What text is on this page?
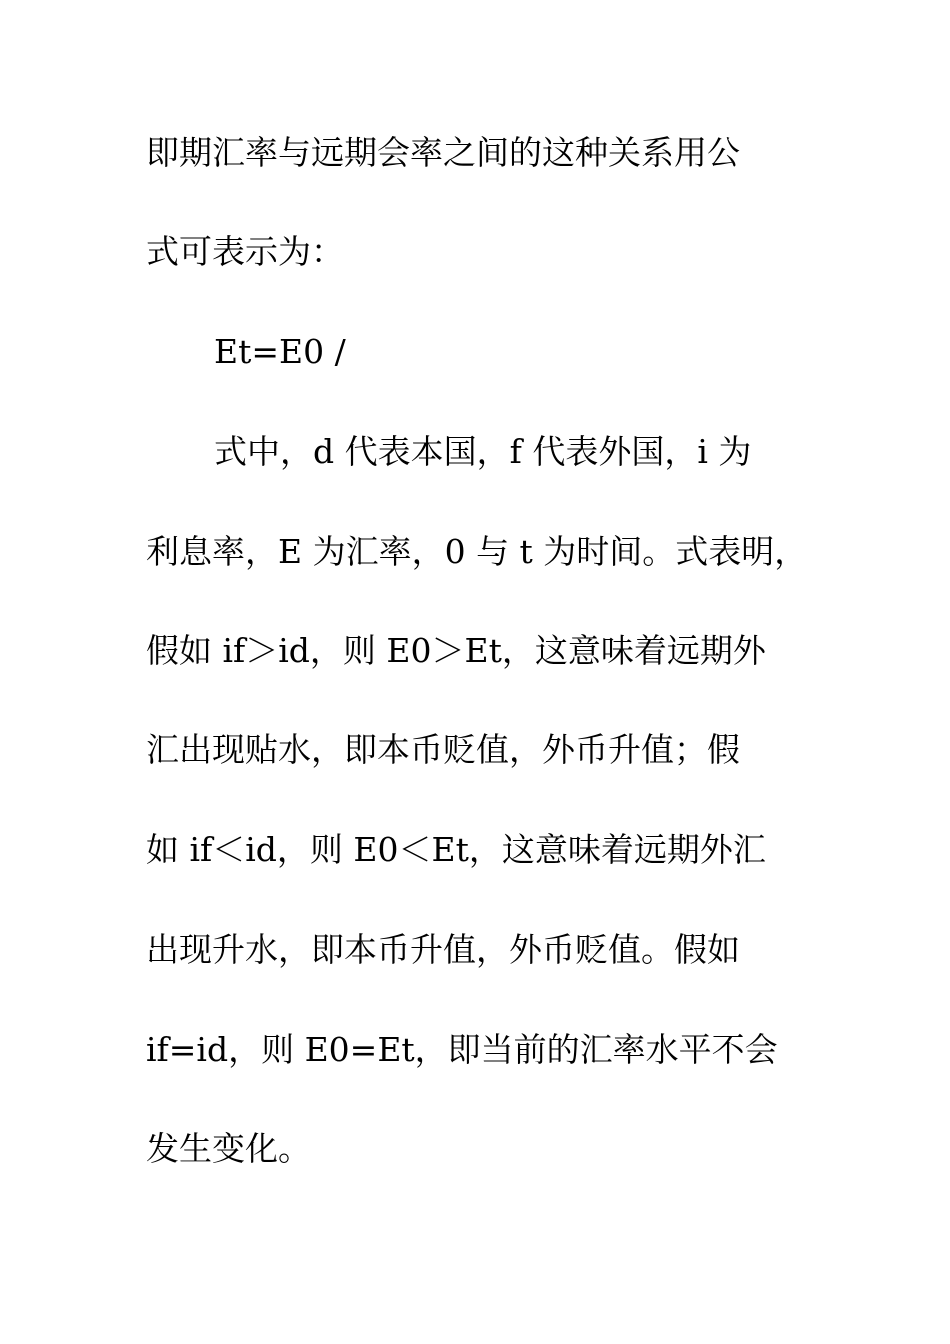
即期汇率与远期会率之间的这种关系用公
式可表示为：
Et=E0 /
式中，d 代表本国，f 代表外国，i 为
利息率，E 为汇率，0 与 t 为时间。式表明，
假如 if＞id，则 E0＞Et，这意味着远期外
汇出现贴水，即本币贬值，外币升值；假
如 if＜id，则 E0＜Et，这意味着远期外汇
出现升水，即本币升值，外币贬值。假如
if=id，则 E0=Et，即当前的汇率水平不会
发生变化。
